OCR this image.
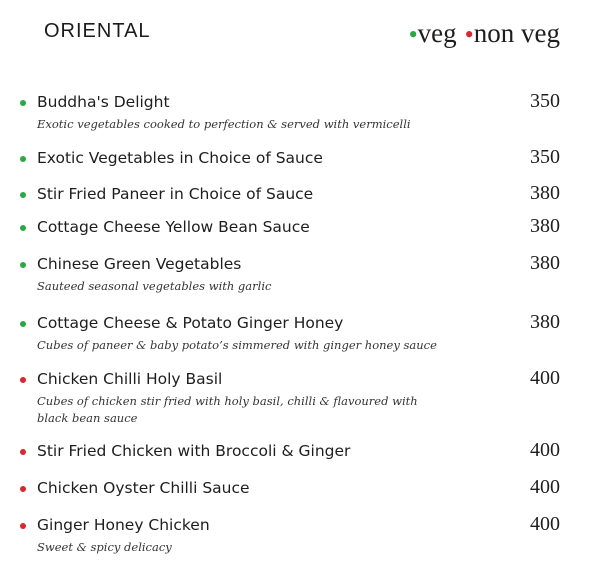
ORIENTAL	•veg •non veg
Buddha's Delight	350
Exotic vegetables cooked to perfection & served with vermicelli
Exotic Vegetables in Choice of Sauce	350
Stir Fried Paneer in Choice of Sauce	380
Cottage Cheese Yellow Bean Sauce	380
Chinese Green Vegetables	380
Sauteed seasonal vegetables with garlic
Cottage Cheese & Potato Ginger Honey	380
Cubes of paneer & baby potato’s simmered with ginger honey sauce
Chicken Chilli Holy Basil	400
Cubes of chicken stir fried with holy basil, chilli & flavoured with black bean sauce
Stir Fried Chicken with Broccoli & Ginger	400
Chicken Oyster Chilli Sauce	400
Ginger Honey Chicken	400
Sweet & spicy delicacy
